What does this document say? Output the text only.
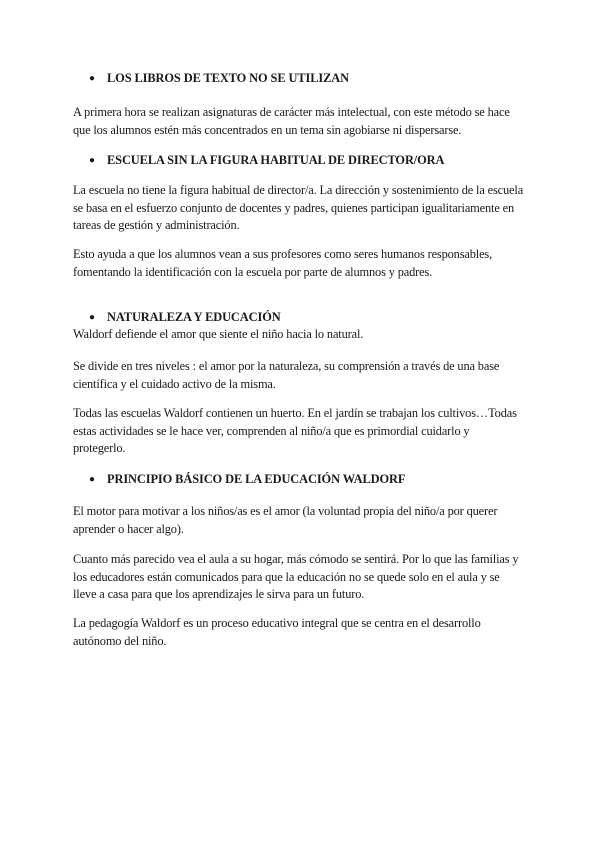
● LOS LIBROS DE TEXTO NO SE UTILIZAN
A primera hora se realizan asignaturas de carácter más intelectual, con este método se hace
que los alumnos estén más concentrados en un tema sin agobiarse ni dispersarse.
● ESCUELA SIN LA FIGURA HABITUAL DE DIRECTOR/ORA
La escuela no tiene la figura habitual de director/a. La dirección y sostenimiento de la escuela
se basa en el esfuerzo conjunto de docentes y padres, quienes participan igualitariamente en
tareas de gestión y administración.
Esto ayuda a que los alumnos vean a sus profesores como seres humanos responsables,
fomentando la identificación con la escuela por parte de alumnos y padres.
● NATURALEZA Y EDUCACIÓN
Waldorf defiende el amor que siente el niño hacia lo natural.
Se divide en tres niveles : el amor por la naturaleza, su comprensión a través de una base
científica y el cuidado activo de la misma.
Todas las escuelas Waldorf contienen un huerto. En el jardín se trabajan los cultivos…Todas
estas actividades se le hace ver, comprenden al niño/a que es primordial cuidarlo y
protegerlo.
● PRINCIPIO BÁSICO DE LA EDUCACIÓN WALDORF
El motor para motivar a los niños/as es el amor (la voluntad propia del niño/a por querer
aprender o hacer algo).
Cuanto más parecido vea el aula a su hogar, más cómodo se sentirá. Por lo que las familias y
los educadores están comunicados para que la educación no se quede solo en el aula y se
lleve a casa para que los aprendizajes le sirva para un futuro.
La pedagogía Waldorf es un proceso educativo integral que se centra en el desarrollo
autónomo del niño.
